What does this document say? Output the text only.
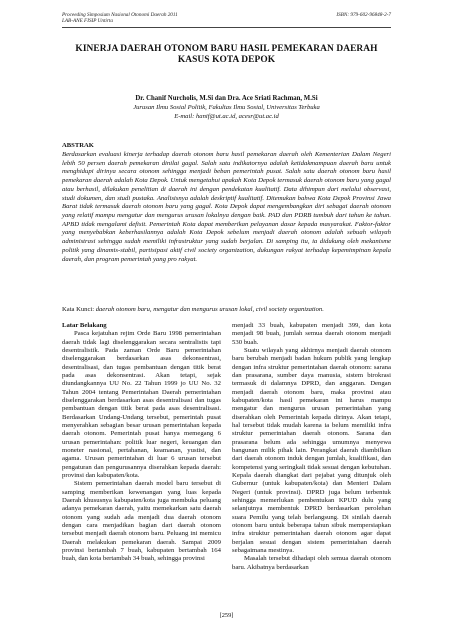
Proceeding Simposium Nasional Otonomi Daerah 2011
LAB-ANE FISIP Untirta
ISBN: 979-602-96848-2-7
KINERJA DAERAH OTONOM BARU HASIL PEMEKARAN DAERAH
KASUS KOTA DEPOK
Dr. Chanif Nurcholis, M.Si dan Dra. Ace Sriati Rachman, M.Si
Jurusan Ilmu Sosial Politik, Fakultas Ilmu Sosial, Universitas Terbuka
E-mail: hanif@ut.ac.id, acesr@ut.ac.id
ABSTRAK
Berdasarkan evaluasi kinerja terhadap daerah otonom baru hasil pemekaran daerah oleh Kementerian Dalam Negeri lebih 50 persen daerah pemekaran dinilai gagal. Salah satu indikatornya adalah ketidakmampuan daerah baru untuk menghidupi dirinya secara otonom sehingga menjadi beban pemerintah pusat. Salah satu daerah otonom baru hasil pemekaran daerah adalah Kota Depok. Untuk mengetahui apakah Kota Depok termasuk daerah otonom baru yang gagal atau berhasil, dilakukan penelitian di daerah ini dengan pendekatan kualitatif. Data dihimpun dari melalui observasi, studi dokumen, dan studi pustaka. Analisisnya adalah deskriptif kualitatif. Ditemukan bahwa Kota Depok Provinsi Jawa Barat tidak termasuk daerah otonom baru yang gagal. Kota Depok dapat mengembangkan diri sebagai daerah otonom yang relatif mampu mengatur dan mengurus urusan lokalnya dengan baik. PAD dan PDRB tumbuh dari tahun ke tahun. APBD tidak mengalami defisit. Pemerintah Kota dapat memberikan pelayanan dasar kepada masyarakat. Faktor-faktor yang menyebabkan keberhasilannya adalah Kota Depok sebelum menjadi daerah otonom adalah sebuah wilayah administrasi sehingga sudah memiliki infrastruktur yang sudah berjalan. Di samping itu, ia didukung oleh mekanisme politik yang dinamis-stabil, partisipasi aktif civil society organization, dukungan rakyat terhadap kepemimpinan kepala daerah, dan program pemerintah yang pro rakyat.
Kata Kunci: daerah otonom baru, mengatur dan mengurus urusan lokal, civil society organization.

Latar Belakang

Pasca kejatuhan rejim Orde Baru 1998 pemerintahan daerah tidak lagi diselenggarakan secara sentralistis tapi desentralistik. Pada zaman Orde Baru pemerintahan diselenggarakan berdasarkan asas dekonsentrasi, desentralisasi, dan tugas pembantuan dengan titik berat pada asas dekonsentrasi. Akan tetapi, sejak diundangkannya UU No. 22 Tahun 1999 jo UU No. 32 Tahun 2004 tentang Pemerintahan Daerah pemerintahan diselenggarakan berdasarkan asas desentralisasi dan tugas pembantuan dengan titik berat pada asas desentralisasi. Berdasarkan Undang-Undang tersebut, pemerintah pusat menyerahkan sebagian besar urusan pemerintahan kepada daerah otonom. Pemerintah pusat hanya memegang 6 urusan pemerintahan: politik luar negeri, keuangan dan moneter nasional, pertahanan, keamanan, yustisi, dan agama. Urusan pemerintahan di luar 6 urusan tersebut pengaturan dan pengurusannya diserahkan kepada daerah: provinsi dan kabupaten/kota.

Sistem pemerintahan daerah model baru tersebut di samping memberikan kewenangan yang luas kepada Daerah khususnya kabupaten/kota juga membuka peluang adanya pemekaran daerah, yaitu memekarkan satu daerah otonom yang sudah ada menjadi dua daerah otonom dengan cara menjadikan bagian dari daerah otonom tersebut menjadi daerah otonom baru. Peluang ini memicu Daerah melakukan pemekaran daerah. Sampai 2009 provinsi bertambah 7 buah, kabupaten bertambah 164 buah, dan kota bertambah 34 buah, sehingga provinsi

menjadi 33 buah, kabupaten menjadi 399, dan kota menjadi 98 buah, jumlah semua daerah otonom menjadi 530 buah.

Suatu wilayah yang akhirnya menjadi daerah otonom baru berubah menjadi badan hukum publik yang lengkap dengan infra struktur pemerintahan daerah otonom: sarana dan prasarana, sumber daya manusia, sistem birokrasi termasuk di dalamnya DPRD, dan anggaran. Dengan menjadi daerah otonom baru, maka provinsi atau kabupaten/kota hasil pemekaran ini harus mampu mengatur dan mengurus urusan pemerintahan yang diserahkan oleh Pemerintah kepada dirinya. Akan tetapi, hal tersebut tidak mudah karena ia belum memiliki infra struktur pemerintahan daerah otonom. Sarana dan prasarana belum ada sehingga umumnya menyewa bangunan milik pihak lain. Perangkat daerah diambilkan dari daerah otonom induk dengan jumlah, kualifikasi, dan kompetensi yang seringkali tidak sesuai dengan kebutuhan. Kepala daerah diangkat dari pejabat yang ditunjuk oleh Gubernur (untuk kabupaten/kota) dan Menteri Dalam Negeri (untuk provinsi). DPRD juga belum terbentuk sehingga memerlukan pembentukan KPUD dulu yang selanjutnya membentuk DPRD berdasarkan perolehan suara Pemilu yang telah berlangsung. Di sinilah daerah otonom baru untuk beberapa tahun sibuk mempersiapkan infra struktur pemerintahan daerah otonom agar dapat berjalan sesuai dengan sistem pemerintahan daerah sebagaimana mestinya.

Masalah tersebut dihadapi oleh semua daerah otonom baru. Akibatnya berdasarkan

[259]
